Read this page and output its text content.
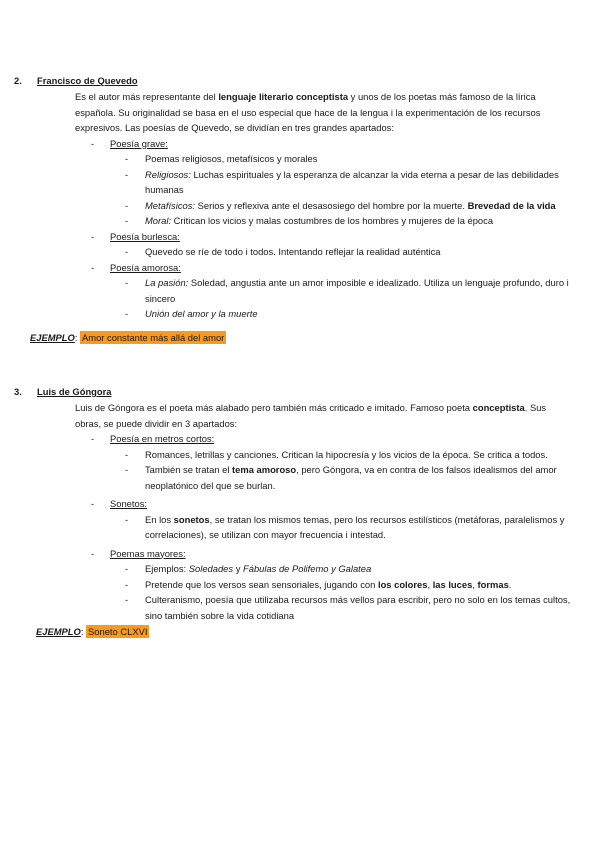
2. Francisco de Quevedo
Es el autor más representante del lenguaje literario conceptista y unos de los poetas más famoso de la lírica española. Su originalidad se basa en el uso especial que hace de la lengua i la experimentación de los recursos expresivos. Las poesías de Quevedo, se dividían en tres grandes apartados:
- Poesía grave:
- Poemas religiosos, metafísicos y morales
- Religiosos: Luchas espirituales y la esperanza de alcanzar la vida eterna a pesar de las debilidades humanas
- Metafísicos: Serios y reflexiva ante el desasosiego del hombre por la muerte. Brevedad de la vida
- Moral: Critican los vicios y malas costumbres de los hombres y mujeres de la época
- Poesía burlesca:
- Quevedo se ríe de todo i todos. Intentando reflejar la realidad auténtica
- Poesía amorosa:
- La pasión: Soledad, angustia ante un amor imposible e idealizado. Utiliza un lenguaje profundo, duro i sincero
- Unión del amor y la muerte
EJEMPLO: Amor constante más allá del amor
3. Luis de Góngora
Luis de Góngora es el poeta más alabado pero también más criticado e imitado. Famoso poeta conceptista. Sus obras, se puede dividir en 3 apartados:
- Poesía en metros cortos:
- Romances, letrillas y canciones. Critican la hipocresía y los vicios de la época. Se critica a todos.
- También se tratan el tema amoroso, pero Góngora, va en contra de los falsos idealismos del amor neoplatónico del que se burlan.
- Sonetos:
- En los sonetos, se tratan los mismos temas, pero los recursos estilísticos (metáforas, paralelismos y correlaciones), se utilizan con mayor frecuencia i intestad.
- Poemas mayores:
- Ejemplos: Soledades y Fábulas de Polifemo y Galatea
- Pretende que los versos sean sensoriales, jugando con los colores, las luces, formas.
- Culteranismo, poesía que utilizaba recursos más vellos para escribir, pero no solo en los temas cultos, sino también sobre la vida cotidiana
EJEMPLO: Soneto CLXVI
